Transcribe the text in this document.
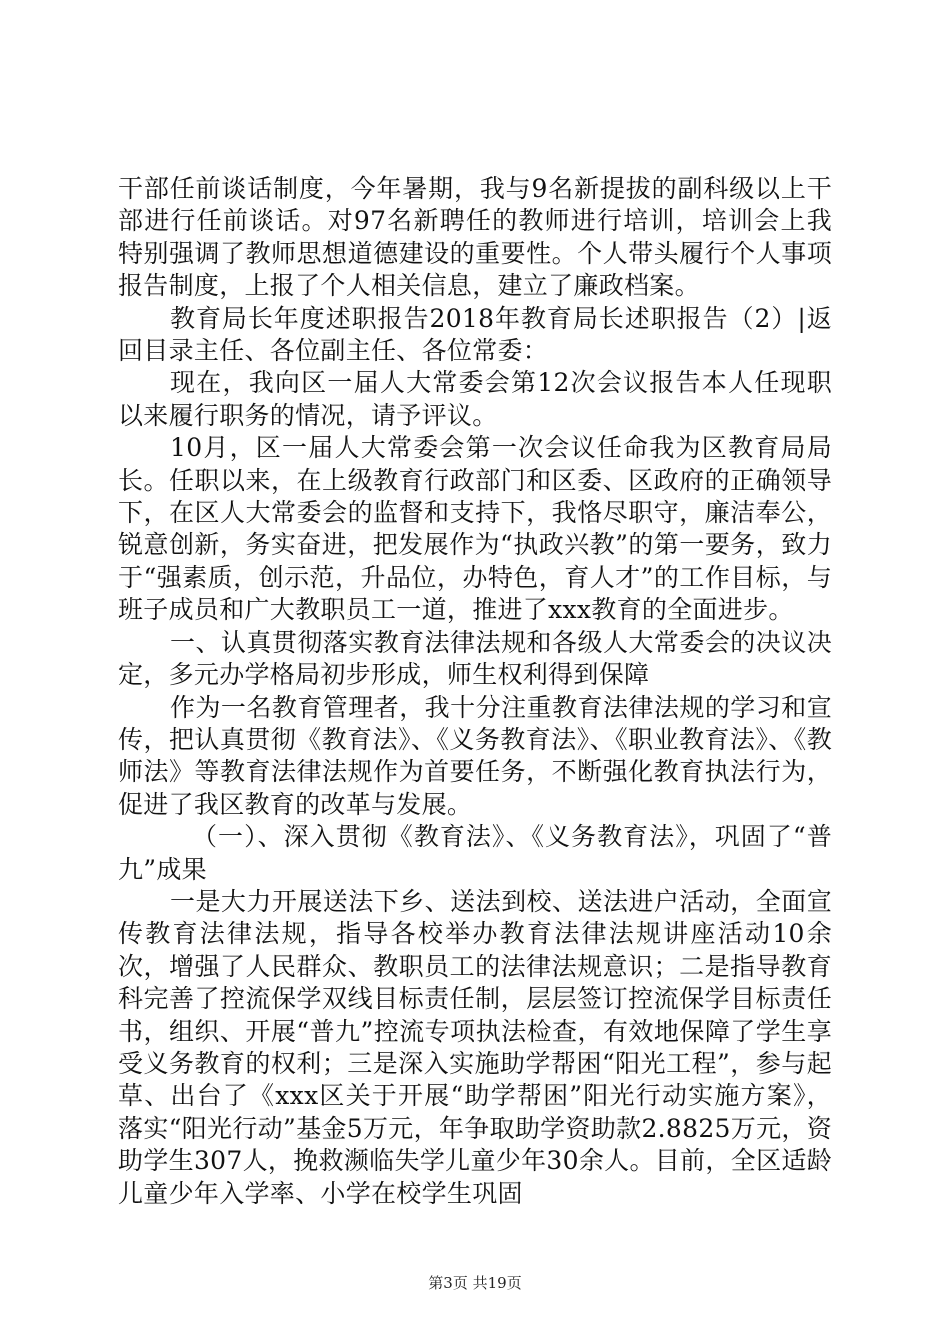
干部任前谈话制度，今年暑期，我与9名新提拔的副科级以上干部进行任前谈话。对97名新聘任的教师进行培训，培训会上我特别强调了教师思想道德建设的重要性。个人带头履行个人事项报告制度，上报了个人相关信息，建立了廉政档案。

教育局长年度述职报告2018年教育局长述职报告（2）|返回目录主任、各位副主任、各位常委：

现在，我向区一届人大常委会第12次会议报告本人任现职以来履行职务的情况，请予评议。

10月，区一届人大常委会第一次会议任命我为区教育局局长。任职以来，在上级教育行政部门和区委、区政府的正确领导下，在区人大常委会的监督和支持下，我恪尽职守，廉洁奉公，锐意创新，务实奋进，把发展作为“执政兴教”的第一要务，致力于“强素质，创示范，升品位，办特色，育人才”的工作目标，与班子成员和广大教职员工一道，推进了xxx教育的全面进步。

一、认真贯彻落实教育法律法规和各级人大常委会的决议决定，多元办学格局初步形成，师生权利得到保障

作为一名教育管理者，我十分注重教育法律法规的学习和宣传，把认真贯彻《教育法》、《义务教育法》、《职业教育法》、《教师法》等教育法律法规作为首要任务，不断强化教育执法行为，促进了我区教育的改革与发展。

（一）、深入贯彻《教育法》、《义务教育法》，巩固了“普九”成果

一是大力开展送法下乡、送法到校、送法进户活动，全面宣传教育法律法规，指导各校举办教育法律法规讲座活动10余次，增强了人民群众、教职员工的法律法规意识；二是指导教育科完善了控流保学双线目标责任制，层层签订控流保学目标责任书，组织、开展“普九”控流专项执法检查，有效地保障了学生享受义务教育的权利；三是深入实施助学帮困“阳光工程”，参与起草、出台了《xxx区关于开展“助学帮困”阳光行动实施方案》，落实“阳光行动”基金5万元，年争取助学资助款2.8825万元，资助学生307人，挽救濒临失学儿童少年30余人。目前，全区适龄儿童少年入学率、小学在校学生巩固

第3页 共19页
